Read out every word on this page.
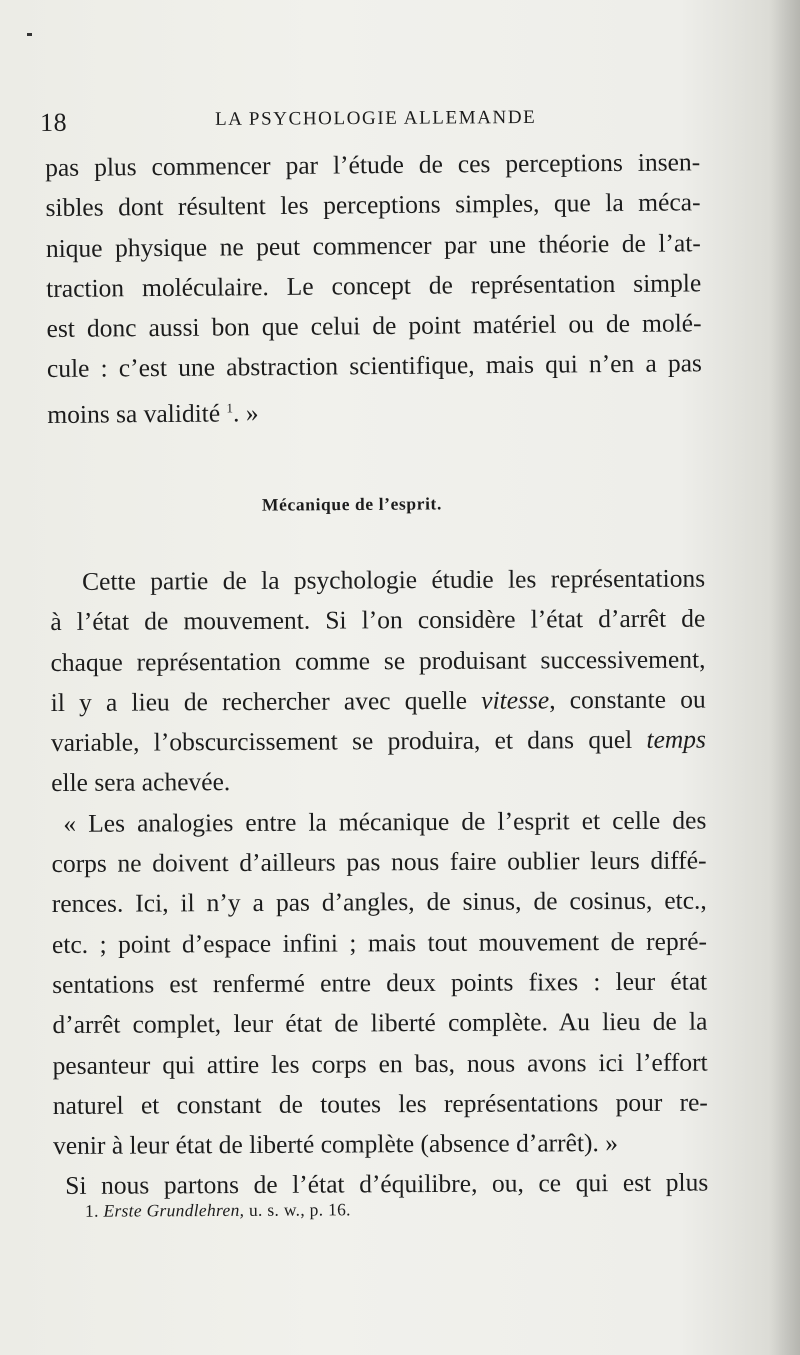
18	LA PSYCHOLOGIE ALLEMANDE
pas plus commencer par l’étude de ces perceptions insen-
sibles dont résultent les perceptions simples, que la méca-
nique physique ne peut commencer par une théorie de l’at-
traction moléculaire. Le concept de représentation simple
est donc aussi bon que celui de point matériel ou de molé-
cule : c’est une abstraction scientifique, mais qui n’en a pas
moins sa validité $^1$. »
Mécanique de l’esprit.
Cette partie de la psychologie étudie les représentations
à l’état de mouvement. Si l’on considère l’état d’arrêt de
chaque représentation comme se produisant successivement,
il y a lieu de rechercher avec quelle vitesse, constante ou
variable, l’obscurcissement se produira, et dans quel temps
elle sera achevée.
« Les analogies entre la mécanique de l’esprit et celle des
corps ne doivent d’ailleurs pas nous faire oublier leurs diffé-
rences. Ici, il n’y a pas d’angles, de sinus, de cosinus, etc.,
etc. ; point d’espace infini ; mais tout mouvement de repré-
sentations est renfermé entre deux points fixes : leur état
d’arrêt complet, leur état de liberté complète. Au lieu de la
pesanteur qui attire les corps en bas, nous avons ici l’effort
naturel et constant de toutes les représentations pour re-
venir à leur état de liberté complète (absence d’arrêt). »
Si nous partons de l’état d’équilibre, ou, ce qui est plus
1. Erste Grundlehren, u. s. w., p. 16.
